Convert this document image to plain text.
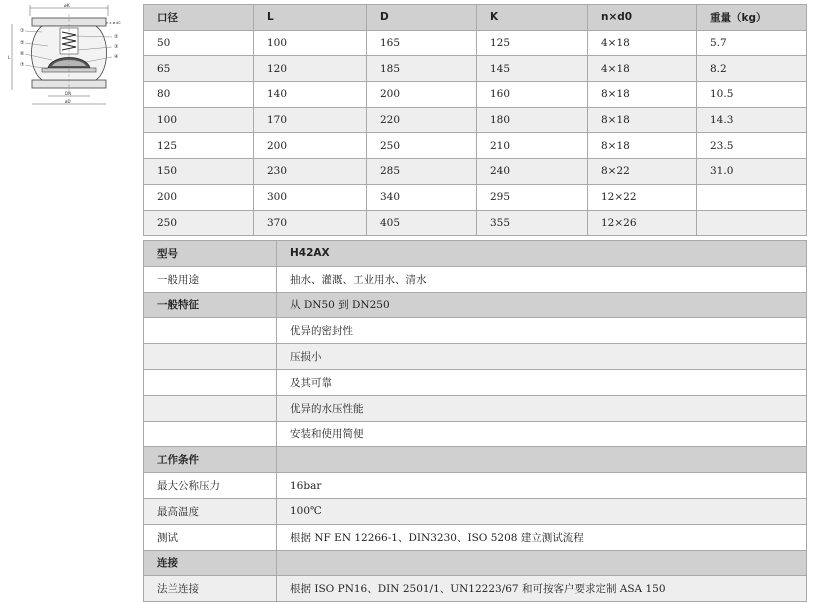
øK
L
DN
øD
n x ø d0
①
⑤
⑥
⑦
②
③
④
口径	L	D	K	n×d0	重量（kg）
50	100	165	125	4×18	5.7
65	120	185	145	4×18	8.2
80	140	200	160	8×18	10.5
100	170	220	180	8×18	14.3
125	200	250	210	8×18	23.5
150	230	285	240	8×22	31.0
200	300	340	295	12×22	
250	370	405	355	12×26	
型号	H42AX
一般用途	抽水、灌溉、工业用水、清水
一般特征	从 DN50 到 DN250
	优异的密封性
	压损小
	及其可靠
	优异的水压性能
	安装和使用简便
工作条件	
最大公称压力	16bar
最高温度	100℃
测试	根据 NF EN 12266-1、DIN3230、ISO 5208 建立测试流程
连接	
法兰连接	根据 ISO PN16、DIN 2501/1、UN12223/67 和可按客户要求定制 ASA 150
